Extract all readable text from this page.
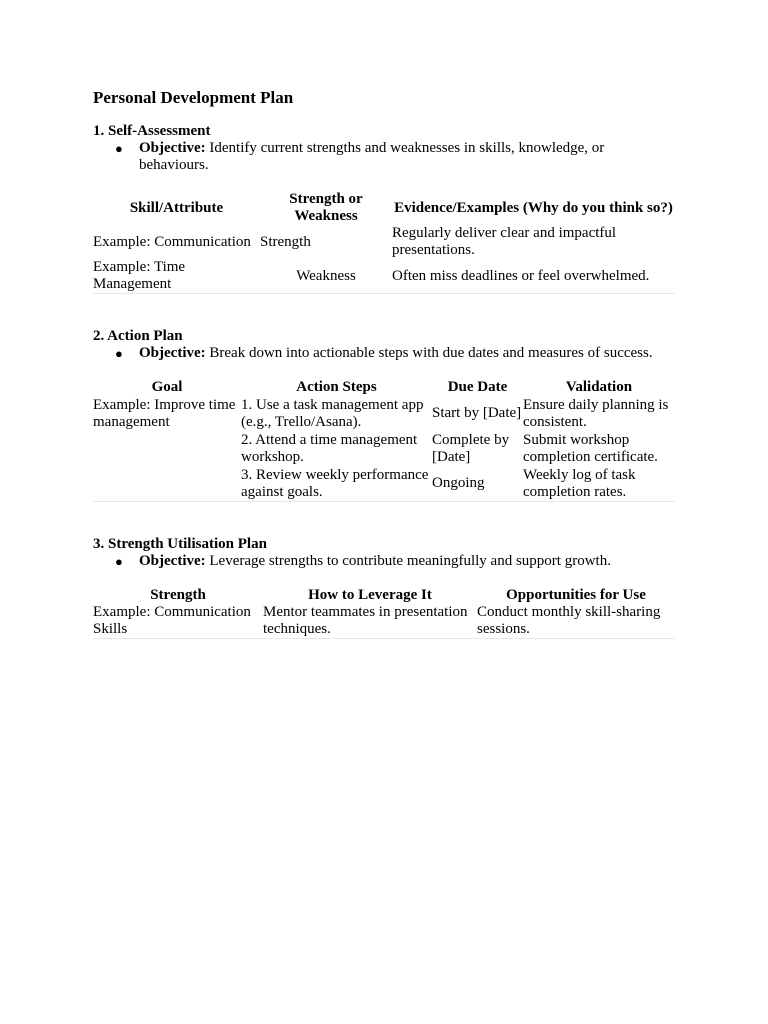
Personal Development Plan
1. Self-Assessment
● Objective: Identify current strengths and weaknesses in skills, knowledge, or behaviours.
Skill/Attribute	Strength or Weakness	Evidence/Examples (Why do you think so?)
Example: Communication	Strength	Regularly deliver clear and impactful presentations.
Example: Time Management	Weakness	Often miss deadlines or feel overwhelmed.
2. Action Plan
● Objective: Break down into actionable steps with due dates and measures of success.
Goal	Action Steps	Due Date	Validation
Example: Improve time management	1. Use a task management app (e.g., Trello/Asana).	Start by [Date]	Ensure daily planning is consistent.
	2. Attend a time management workshop.	Complete by [Date]	Submit workshop completion certificate.
	3. Review weekly performance against goals.	Ongoing	Weekly log of task completion rates.
3. Strength Utilisation Plan
● Objective: Leverage strengths to contribute meaningfully and support growth.
Strength	How to Leverage It	Opportunities for Use
Example: Communication Skills	Mentor teammates in presentation techniques.	Conduct monthly skill-sharing sessions.
